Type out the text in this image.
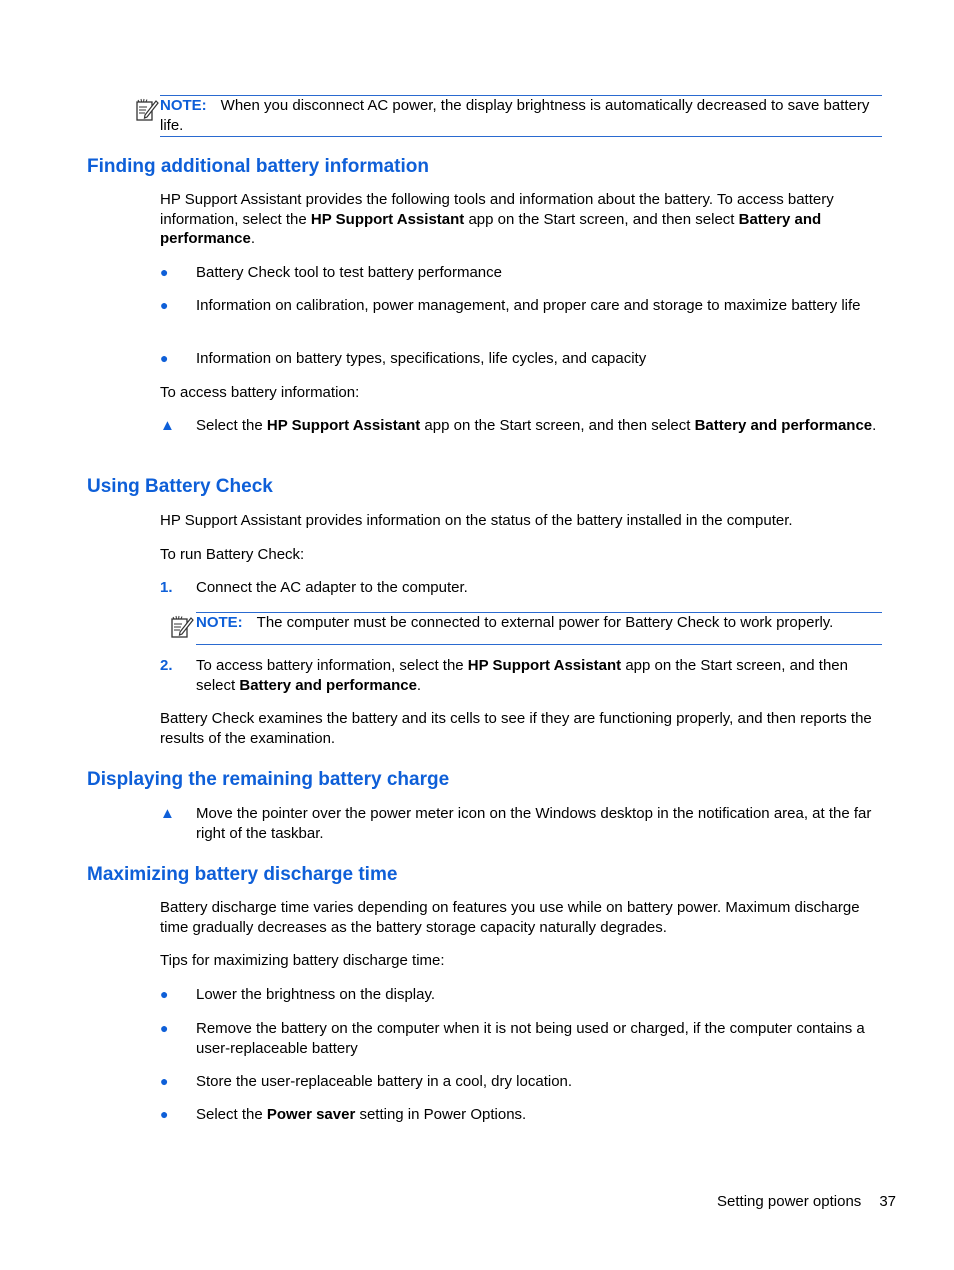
NOTE: When you disconnect AC power, the display brightness is automatically decreased to save battery life.
Finding additional battery information

HP Support Assistant provides the following tools and information about the battery. To access battery information, select the HP Support Assistant app on the Start screen, and then select Battery and performance.

●	Battery Check tool to test battery performance
●	Information on calibration, power management, and proper care and storage to maximize battery life
●	Information on battery types, specifications, life cycles, and capacity

To access battery information:

▲	Select the HP Support Assistant app on the Start screen, and then select Battery and performance.
Using Battery Check

HP Support Assistant provides information on the status of the battery installed in the computer.

To run Battery Check:

1.	Connect the AC adapter to the computer.
NOTE: The computer must be connected to external power for Battery Check to work properly.
2.	To access battery information, select the HP Support Assistant app on the Start screen, and then select Battery and performance.

Battery Check examines the battery and its cells to see if they are functioning properly, and then reports the results of the examination.

Displaying the remaining battery charge
▲	Move the pointer over the power meter icon on the Windows desktop in the notification area, at the far right of the taskbar.
Maximizing battery discharge time

Battery discharge time varies depending on features you use while on battery power. Maximum discharge time gradually decreases as the battery storage capacity naturally degrades.

Tips for maximizing battery discharge time:

●	Lower the brightness on the display.
●	Remove the battery on the computer when it is not being used or charged, if the computer contains a user-replaceable battery
●	Store the user-replaceable battery in a cool, dry location.
●	Select the Power saver setting in Power Options.
Setting power options 37
